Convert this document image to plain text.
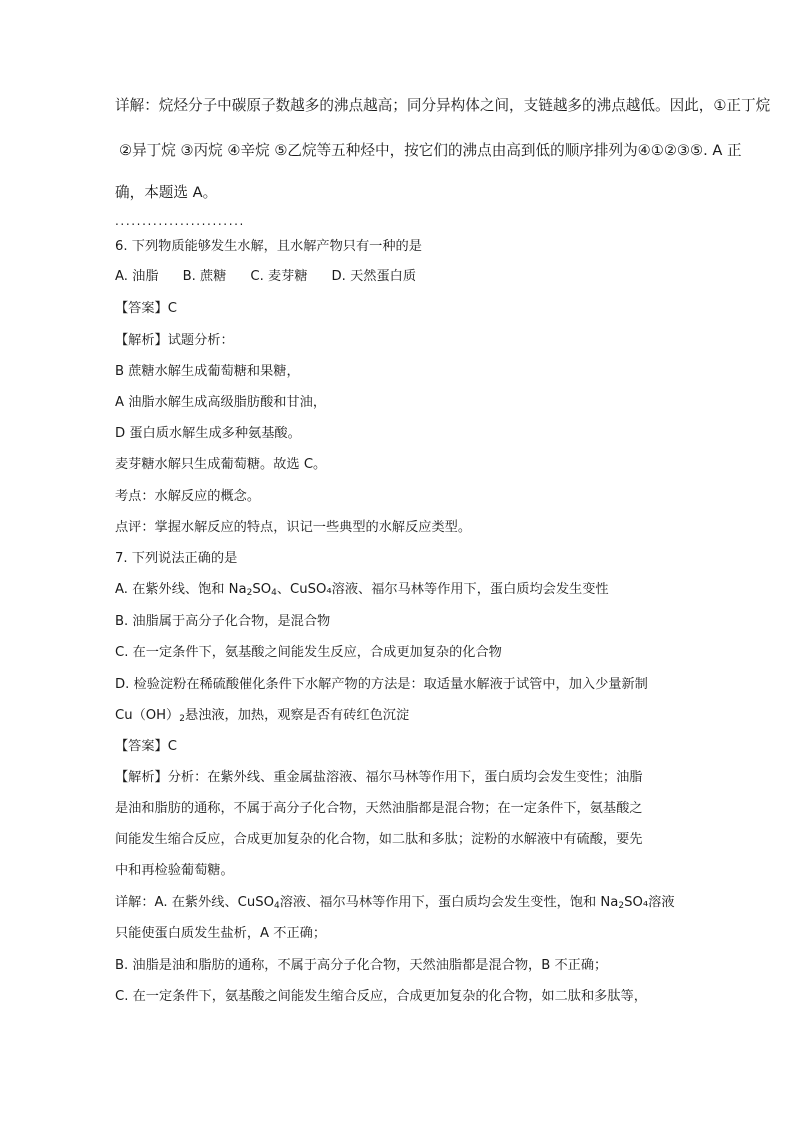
详解：烷烃分子中碳原子数越多的沸点越高；同分异构体之间，支链越多的沸点越低。因此，①正丁烷
②异丁烷 ③丙烷 ④辛烷 ⑤乙烷等五种烃中，按它们的沸点由高到低的顺序排列为④①②③⑤. A 正
确，本题选 A。
........................
6. 下列物质能够发生水解，且水解产物只有一种的是
A. 油脂 B. 蔗糖 C. 麦芽糖 D. 天然蛋白质
【答案】C
【解析】试题分析：
B 蔗糖水解生成葡萄糖和果糖，
A 油脂水解生成高级脂肪酸和甘油，
D 蛋白质水解生成多种氨基酸。
麦芽糖水解只生成葡萄糖。故选 C。
考点：水解反应的概念。
点评：掌握水解反应的特点，识记一些典型的水解反应类型。
7. 下列说法正确的是
A. 在紫外线、饱和 $Na_2SO_4$、CuSO₄溶液、福尔马林等作用下，蛋白质均会发生变性
B. 油脂属于高分子化合物，是混合物
C. 在一定条件下，氨基酸之间能发生反应，合成更加复杂的化合物
D. 检验淀粉在稀硫酸催化条件下水解产物的方法是：取适量水解液于试管中，加入少量新制
$Cu(OH)_2$悬浊液，加热，观察是否有砖红色沉淀
【答案】C
【解析】分析：在紫外线、重金属盐溶液、福尔马林等作用下，蛋白质均会发生变性；油脂
是油和脂肪的通称，不属于高分子化合物，天然油脂都是混合物；在一定条件下，氨基酸之
间能发生缩合反应，合成更加复杂的化合物，如二肽和多肽；淀粉的水解液中有硫酸，要先
中和再检验葡萄糖。
详解：A. 在紫外线、CuSO$_4$溶液、福尔马林等作用下，蛋白质均会发生变性，饱和 $Na_2SO_4$溶液
只能使蛋白质发生盐析，A 不正确；
B. 油脂是油和脂肪的通称，不属于高分子化合物，天然油脂都是混合物，B 不正确；
C. 在一定条件下，氨基酸之间能发生缩合反应，合成更加复杂的化合物，如二肽和多肽等，
